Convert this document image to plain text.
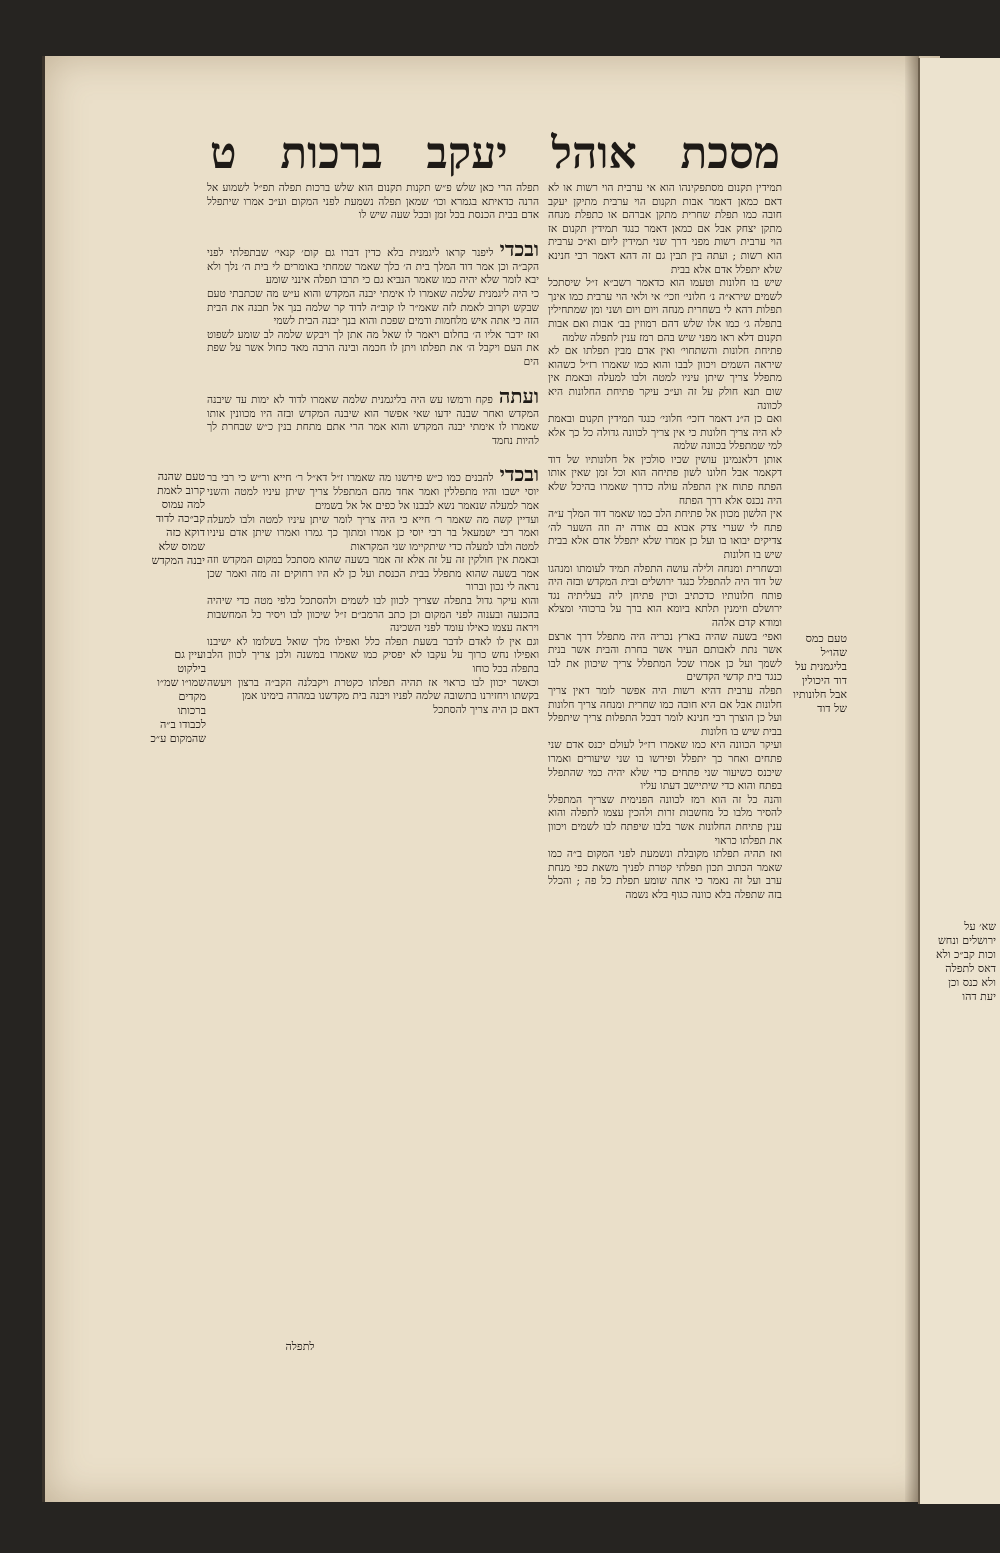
מסכת
אוהל
יעקב
ברכות
ט

תמידין תקנום מסתפקינהו הוא אי ערבית הוי רשות או לא דאם כמאן דאמר אבות תקנום הוי ערבית מתיקן יעקב חובה כמו תפלת שחרית מתקן אברהם או כתפלת מנחה מתקן יצחק אבל אם כמאן דאמר כנגד תמידין תקנום אז הוי ערבית רשות מפני דרך שני תמידין ליום וא״כ ערבית הוא רשות ; ועתה בין תבין גם זה דהא דאמר רבי חנינא שלא יתפלל אדם אלא בבית

שיש בו חלונות וטעמו הוא כדאמר רשב״א ז״ל שיסתכל לשמים שירא״ה נ׳ חלוני׳ וזכי׳ אי ולאי הוי ערבית כמו אינך תפלות דהא לי בשחרית מנחה ויום ויום ושני ומן שמתחילין בתפלה ג׳ כמו אלו שלש דהם רמוזין בב׳ אבות ואם אבות תקנום דלא ראו מפני שיש בהם רמז ענין לתפלה שלמה

פתיחת חלונות והשתחוי׳ ואין אדם מבין תפלתו אם לא שיראה השמים ויכוון לבבו והוא כמו שאמרו רז״ל כשהוא מתפלל צריך שיתן עיניו למטה ולבו למעלה ובאמת אין שום תנא חולק על זה וע״כ עיקר פתיחת החלונות היא לכוונה

ואם כן ה״נ דאמר דזכי׳ חלוני׳ כנגד תמידין תקנום ובאמת לא היה צריך חלונות כי אין צריך לכוונה גדולה כל כך אלא למי שמתפלל בכוונה שלמה

אותן דלאנמינן עושין שכיו סולכין אל חלונותיו של דוד דקאמר אבל חלונו לשון פתיחה הוא וכל זמן שאין אותו הפתח פתוח אין התפלה עולה כדרך שאמרו בהיכל שלא היה נכנס אלא דרך הפתח

אין הלשון מכוון אל פתיחת הלב כמו שאמר דוד המלך ע״ה פתח לי שערי צדק אבוא בם אודה יה וזה השער לה׳ צדיקים יבואו בו ועל כן אמרו שלא יתפלל אדם אלא בבית שיש בו חלונות

ובשחרית ומנחה ולילה עושה התפלה תמיד לעומתו ומנהגו של דוד היה להתפלל כנגד ירושלים ובית המקדש ובזה היה פותח חלונותיו כדכתיב וכוין פתיחן ליה בעליתיה נגד ירושלם וזימנין תלתא ביומא הוא ברך על ברכוהי ומצלא ומודא קדם אלהה

ואפי׳ בשעה שהיה בארץ נכריה היה מתפלל דרך ארצם אשר נתת לאבותם העיר אשר בחרת והבית אשר בנית לשמך ועל כן אמרו שכל המתפלל צריך שיכוון את לבו כנגד בית קדשי הקדשים

תפלה ערבית דהיא רשות היה אפשר לומר דאין צריך חלונות אבל אם היא חובה כמו שחרית ומנחה צריך חלונות ועל כן הוצרך רבי חנינא לומר דבכל התפלות צריך שיתפלל בבית שיש בו חלונות

ועיקר הכוונה היא כמו שאמרו רז״ל לעולם יכנס אדם שני פתחים ואחר כך יתפלל ופירשו בו שני שיעורים ואמרו שיכנס כשיעור שני פתחים כדי שלא יהיה כמי שהתפלל בפתח והוא כדי שיתיישב דעתו עליו

והנה כל זה הוא רמז לכוונה הפנימית שצריך המתפלל להסיר מלבו כל מחשבות זרות ולהכין עצמו לתפלה והוא ענין פתיחת החלונות אשר בלבו שיפתח לבו לשמים ויכוון את תפלתו כראוי

ואז תהיה תפלתו מקובלת ונשמעת לפני המקום ב״ה כמו שאמר הכתוב תכון תפלתי קטרת לפניך משאת כפי מנחת ערב ועל זה נאמר כי אתה שומע תפלת כל פה ; והכלל בזה שתפלה בלא כוונה כגוף בלא נשמה

תפלה הרי כאן שלש פ״ש תקנות תקנום הוא שלש ברכות תפלה תפ״ל לשמוע אל הרנה כדאיתא בגמרא וכו׳ שמאן תפלה נשמעת לפני המקום וע״כ אמרו שיתפלל אדם בבית הכנסת בכל זמן ובכל שעה שיש לו

ובכדיליפנר קראו ליגמנית בלא כדין דברו גם קום׳ קנאי׳ שבתפלתי לפני הקב״ה וכן אמר דוד המלך בית ה׳ כלך שאמר שמחתי באומרים לי בית ה׳ נלך ולא יבא לומר שלא יהיה כמו שאמר הנביא גם כי תרבו תפלה אינני שומע

כי היה ליגמנית שלמה שאמרו לו אימתי יבנה המקדש והוא ע״ש מה שכתבתי טעם שבקש וקרוב לאמת לזה שאמ״ר לו קוב״ה לדוד קר שלמה בנך אל תבנה את הבית הזה כי אתה איש מלחמות ודמים שפכת והוא בנך יבנה הבית לשמי

ואז ידבר אליו ה׳ בחלום ויאמר לו שאל מה אתן לך ויבקש שלמה לב שומע לשפוט את העם ויקבל ה׳ את תפלתו ויתן לו חכמה ובינה הרבה מאד כחול אשר על שפת הים

ועתהפקח ורמשו עש היה בליגמנית שלמה שאמרו לדוד לא ימות עד שיבנה המקדש ואחר שבנה ידעו שאי אפשר הוא שיבנה המקדש ובזה היו מכוונין אותו שאמרו לו אימתי יבנה המקדש והוא אמר הרי אתם מתחת בנין כ״ש שבחרת לך להיות נחמד

ובכדילהבנים כמו כ״ש פירשנו מה שאמרו ז״ל דא״ל ר׳ חייא ור״ש כי רבי בר יוסי ישבו והיו מתפללין ואמר אחד מהם המתפלל צריך שיתן עיניו למטה והשני אמר למעלה שנאמר נשא לבבנו אל כפים אל אל בשמים

ועדיין קשה מה שאמר ר׳ חייא כי היה צריך לומר שיתן עיניו למטה ולבו למעלה ואמר רבי ישמעאל בר רבי יוסי כן אמרו ומתוך כך גמרו ואמרו שיתן אדם עיניו למטה ולבו למעלה כדי שיתקיימו שני המקראות

ובאמת אין חולקין זה על זה אלא זה אמר בשעה שהוא מסתכל במקום המקדש וזה אמר בשעה שהוא מתפלל בבית הכנסת ועל כן לא היו רחוקים זה מזה ואמר שכן נראה לי נכון וברור

והוא עיקר גדול בתפלה שצריך לכוון לבו לשמים ולהסתכל כלפי מטה כדי שיהיה בהכנעה ובענוה לפני המקום וכן כתב הרמב״ם ז״ל שיכוון לבו ויסיר כל המחשבות ויראה עצמו כאילו עומד לפני השכינה

וגם אין לו לאדם לדבר בשעת תפלה כלל ואפילו מלך שואל בשלומו לא ישיבנו ואפילו נחש כרוך על עקבו לא יפסיק כמו שאמרו במשנה ולכן צריך לכוון הלב בתפלה בכל כוחו

וכאשר יכוון לבו כראוי אז תהיה תפלתו כקטרת ויקבלנה הקב״ה ברצון ויעשה בקשתו ויחזירנו בתשובה שלמה לפניו ויבנה בית מקדשנו במהרה בימינו אמן

דאם כן היה צריך להסתכל

לתפלה
טעם שהנה קרוב לאמת למה עמוס קב״כה לדוד דוקא כזה שמוס שלא יבנה המקדש
ועיין גם בילקוט שמו״ו שמ״ו מקדים ברכותו לכבודו ב״ה שהמקום ע״כ
טעם כמס שהו״ל בליגמנית על דוד היכולין אבל חלונותיו של דוד
שא׳ על ירושלים ונחש וכות קב״כ ולא דאס לתפלה ולא כנס וכן יעת דהו
